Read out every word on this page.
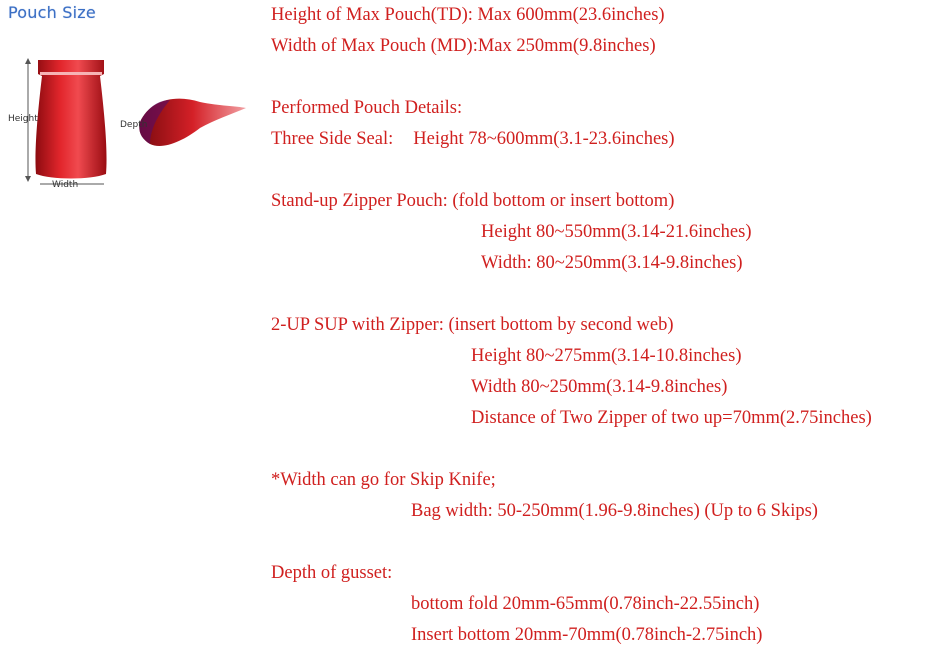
Pouch Size
Height
Depth
Width
Height of Max Pouch(TD): Max 600mm(23.6inches)
Width of Max Pouch (MD):Max 250mm(9.8inches)
Performed Pouch Details:
Three Side Seal: Height 78~600mm(3.1-23.6inches)
Stand-up Zipper Pouch: (fold bottom or insert bottom)
Height 80~550mm(3.14-21.6inches)
Width: 80~250mm(3.14-9.8inches)
2-UP SUP with Zipper: (insert bottom by second web)
Height 80~275mm(3.14-10.8inches)
Width 80~250mm(3.14-9.8inches)
Distance of Two Zipper of two up=70mm(2.75inches)
*Width can go for Skip Knife;
Bag width: 50-250mm(1.96-9.8inches) (Up to 6 Skips)
Depth of gusset:
bottom fold 20mm-65mm(0.78inch-22.55inch)
Insert bottom 20mm-70mm(0.78inch-2.75inch)
